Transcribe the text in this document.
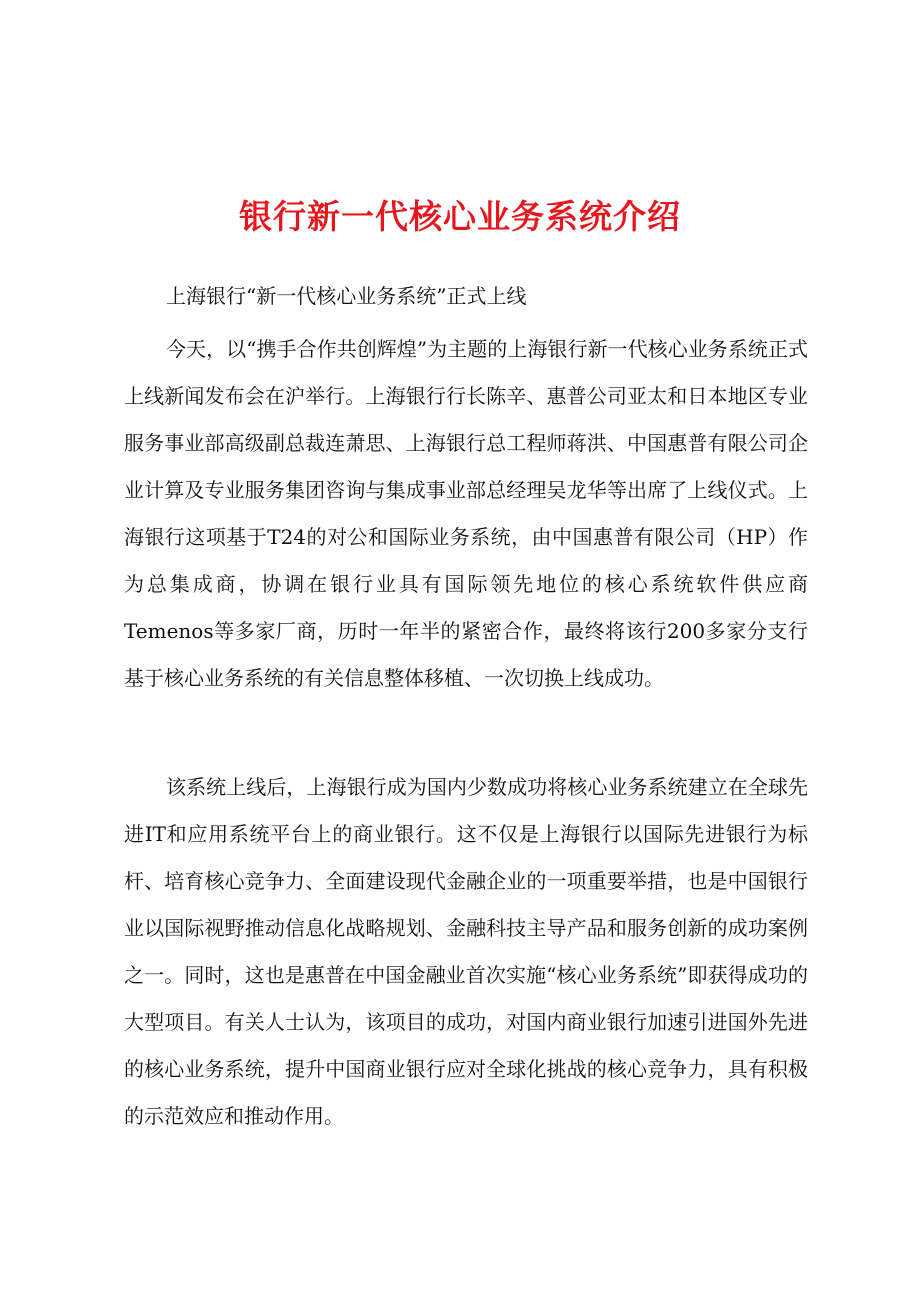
银行新一代核心业务系统介绍

上海银行“新一代核心业务系统”正式上线

今天，以“携手合作共创辉煌”为主题的上海银行新一代核心业务系统正式上线新闻发布会在沪举行。上海银行行长陈辛、惠普公司亚太和日本地区专业服务事业部高级副总裁连萧思、上海银行总工程师蒋洪、中国惠普有限公司企业计算及专业服务集团咨询与集成事业部总经理吴龙华等出席了上线仪式。上海银行这项基于T24的对公和国际业务系统，由中国惠普有限公司（HP）作为总集成商，协调在银行业具有国际领先地位的核心系统软件供应商Temenos等多家厂商，历时一年半的紧密合作，最终将该行200多家分支行基于核心业务系统的有关信息整体移植、一次切换上线成功。

该系统上线后，上海银行成为国内少数成功将核心业务系统建立在全球先进IT和应用系统平台上的商业银行。这不仅是上海银行以国际先进银行为标杆、培育核心竞争力、全面建设现代金融企业的一项重要举措，也是中国银行业以国际视野推动信息化战略规划、金融科技主导产品和服务创新的成功案例之一。同时，这也是惠普在中国金融业首次实施“核心业务系统”即获得成功的大型项目。有关人士认为，该项目的成功，对国内商业银行加速引进国外先进的核心业务系统，提升中国商业银行应对全球化挑战的核心竞争力，具有积极的示范效应和推动作用。
